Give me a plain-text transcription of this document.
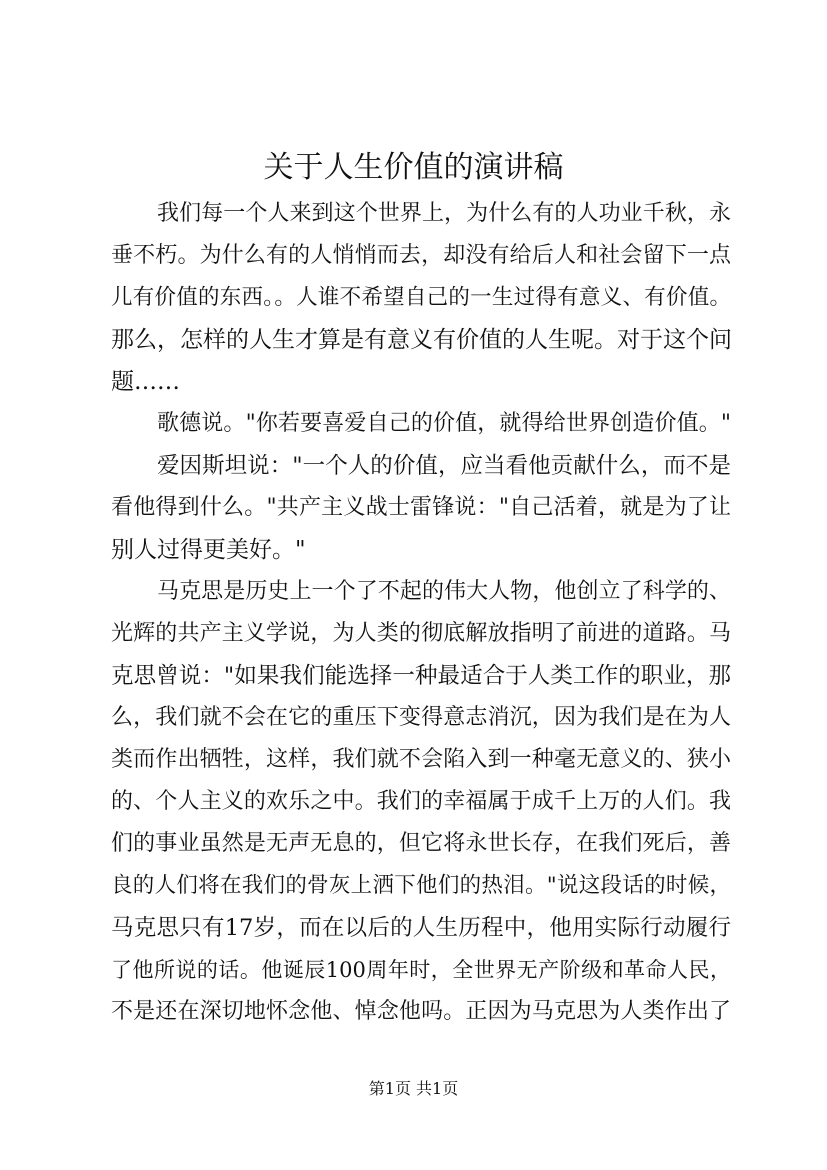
关于人生价值的演讲稿
我们每一个人来到这个世界上，为什么有的人功业千秋，永
垂不朽。为什么有的人悄悄而去，却没有给后人和社会留下一点
儿有价值的东西。。人谁不希望自己的一生过得有意义、有价值。
那么，怎样的人生才算是有意义有价值的人生呢。对于这个问
题……
歌德说。"你若要喜爱自己的价值，就得给世界创造价值。"
爱因斯坦说："一个人的价值，应当看他贡献什么，而不是
看他得到什么。"共产主义战士雷锋说："自己活着，就是为了让
别人过得更美好。"
马克思是历史上一个了不起的伟大人物，他创立了科学的、
光辉的共产主义学说，为人类的彻底解放指明了前进的道路。马
克思曾说："如果我们能选择一种最适合于人类工作的职业，那
么，我们就不会在它的重压下变得意志消沉，因为我们是在为人
类而作出牺牲，这样，我们就不会陷入到一种毫无意义的、狭小
的、个人主义的欢乐之中。我们的幸福属于成千上万的人们。我
们的事业虽然是无声无息的，但它将永世长存，在我们死后，善
良的人们将在我们的骨灰上洒下他们的热泪。"说这段话的时候，
马克思只有17岁，而在以后的人生历程中，他用实际行动履行
了他所说的话。他诞辰100周年时，全世界无产阶级和革命人民，
不是还在深切地怀念他、悼念他吗。正因为马克思为人类作出了
第1页 共1页
